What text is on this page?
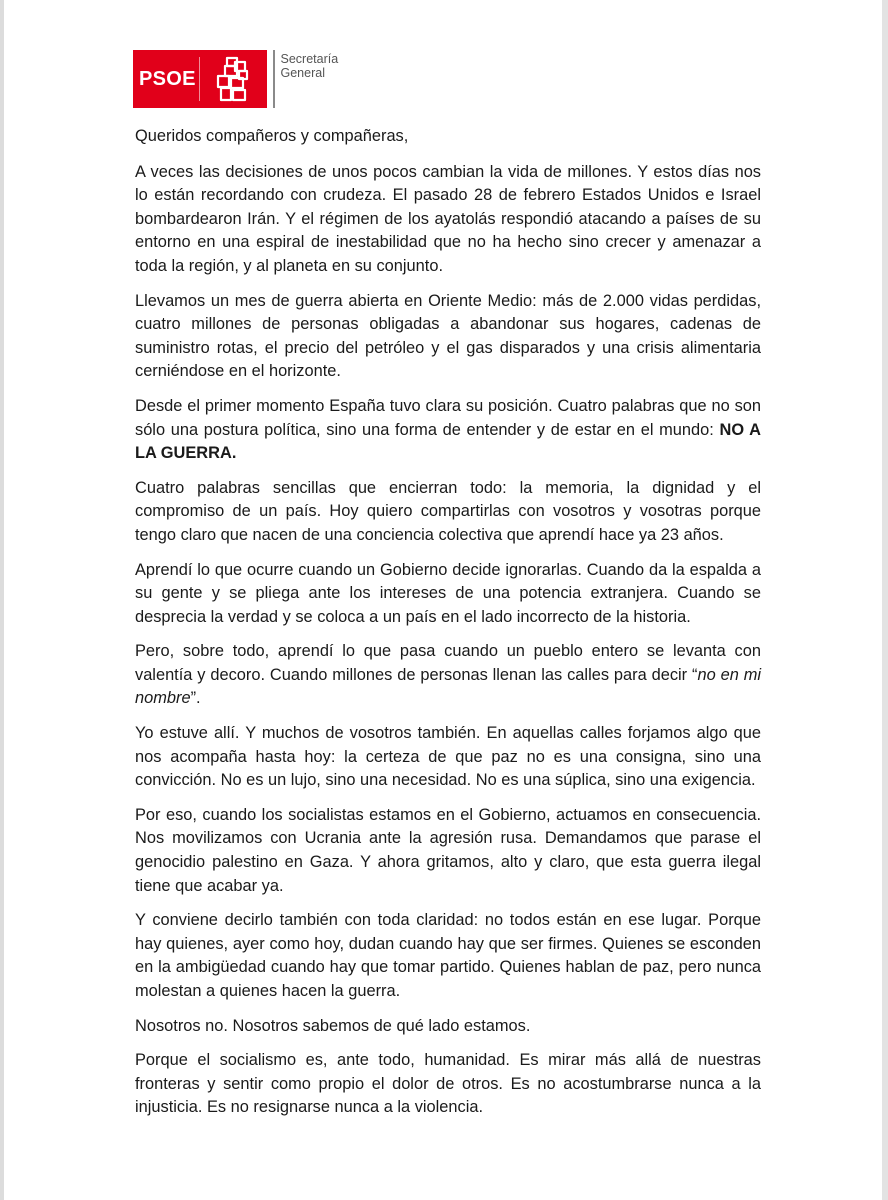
PSOE
Secretaría
General

Queridos compañeros y compañeras,

A veces las decisiones de unos pocos cambian la vida de millones. Y estos días nos lo están recordando con crudeza. El pasado 28 de febrero Estados Unidos e Israel bombardearon Irán. Y el régimen de los ayatolás respondió atacando a países de su entorno en una espiral de inestabilidad que no ha hecho sino crecer y amenazar a toda la región, y al planeta en su conjunto.

Llevamos un mes de guerra abierta en Oriente Medio: más de 2.000 vidas perdidas, cuatro millones de personas obligadas a abandonar sus hogares, cadenas de suministro rotas, el precio del petróleo y el gas disparados y una crisis alimentaria cerniéndose en el horizonte.

Desde el primer momento España tuvo clara su posición. Cuatro palabras que no son sólo una postura política, sino una forma de entender y de estar en el mundo: NO A LA GUERRA.

Cuatro palabras sencillas que encierran todo: la memoria, la dignidad y el compromiso de un país. Hoy quiero compartirlas con vosotros y vosotras porque tengo claro que nacen de una conciencia colectiva que aprendí hace ya 23 años.

Aprendí lo que ocurre cuando un Gobierno decide ignorarlas. Cuando da la espalda a su gente y se pliega ante los intereses de una potencia extranjera. Cuando se desprecia la verdad y se coloca a un país en el lado incorrecto de la historia.

Pero, sobre todo, aprendí lo que pasa cuando un pueblo entero se levanta con valentía y decoro. Cuando millones de personas llenan las calles para decir “no en mi nombre”.

Yo estuve allí. Y muchos de vosotros también. En aquellas calles forjamos algo que nos acompaña hasta hoy: la certeza de que paz no es una consigna, sino una convicción. No es un lujo, sino una necesidad. No es una súplica, sino una exigencia.

Por eso, cuando los socialistas estamos en el Gobierno, actuamos en consecuencia. Nos movilizamos con Ucrania ante la agresión rusa. Demandamos que parase el genocidio palestino en Gaza. Y ahora gritamos, alto y claro, que esta guerra ilegal tiene que acabar ya.

Y conviene decirlo también con toda claridad: no todos están en ese lugar. Porque hay quienes, ayer como hoy, dudan cuando hay que ser firmes. Quienes se esconden en la ambigüedad cuando hay que tomar partido. Quienes hablan de paz, pero nunca molestan a quienes hacen la guerra.

Nosotros no. Nosotros sabemos de qué lado estamos.

Porque el socialismo es, ante todo, humanidad. Es mirar más allá de nuestras fronteras y sentir como propio el dolor de otros. Es no acostumbrarse nunca a la injusticia. Es no resignarse nunca a la violencia.
